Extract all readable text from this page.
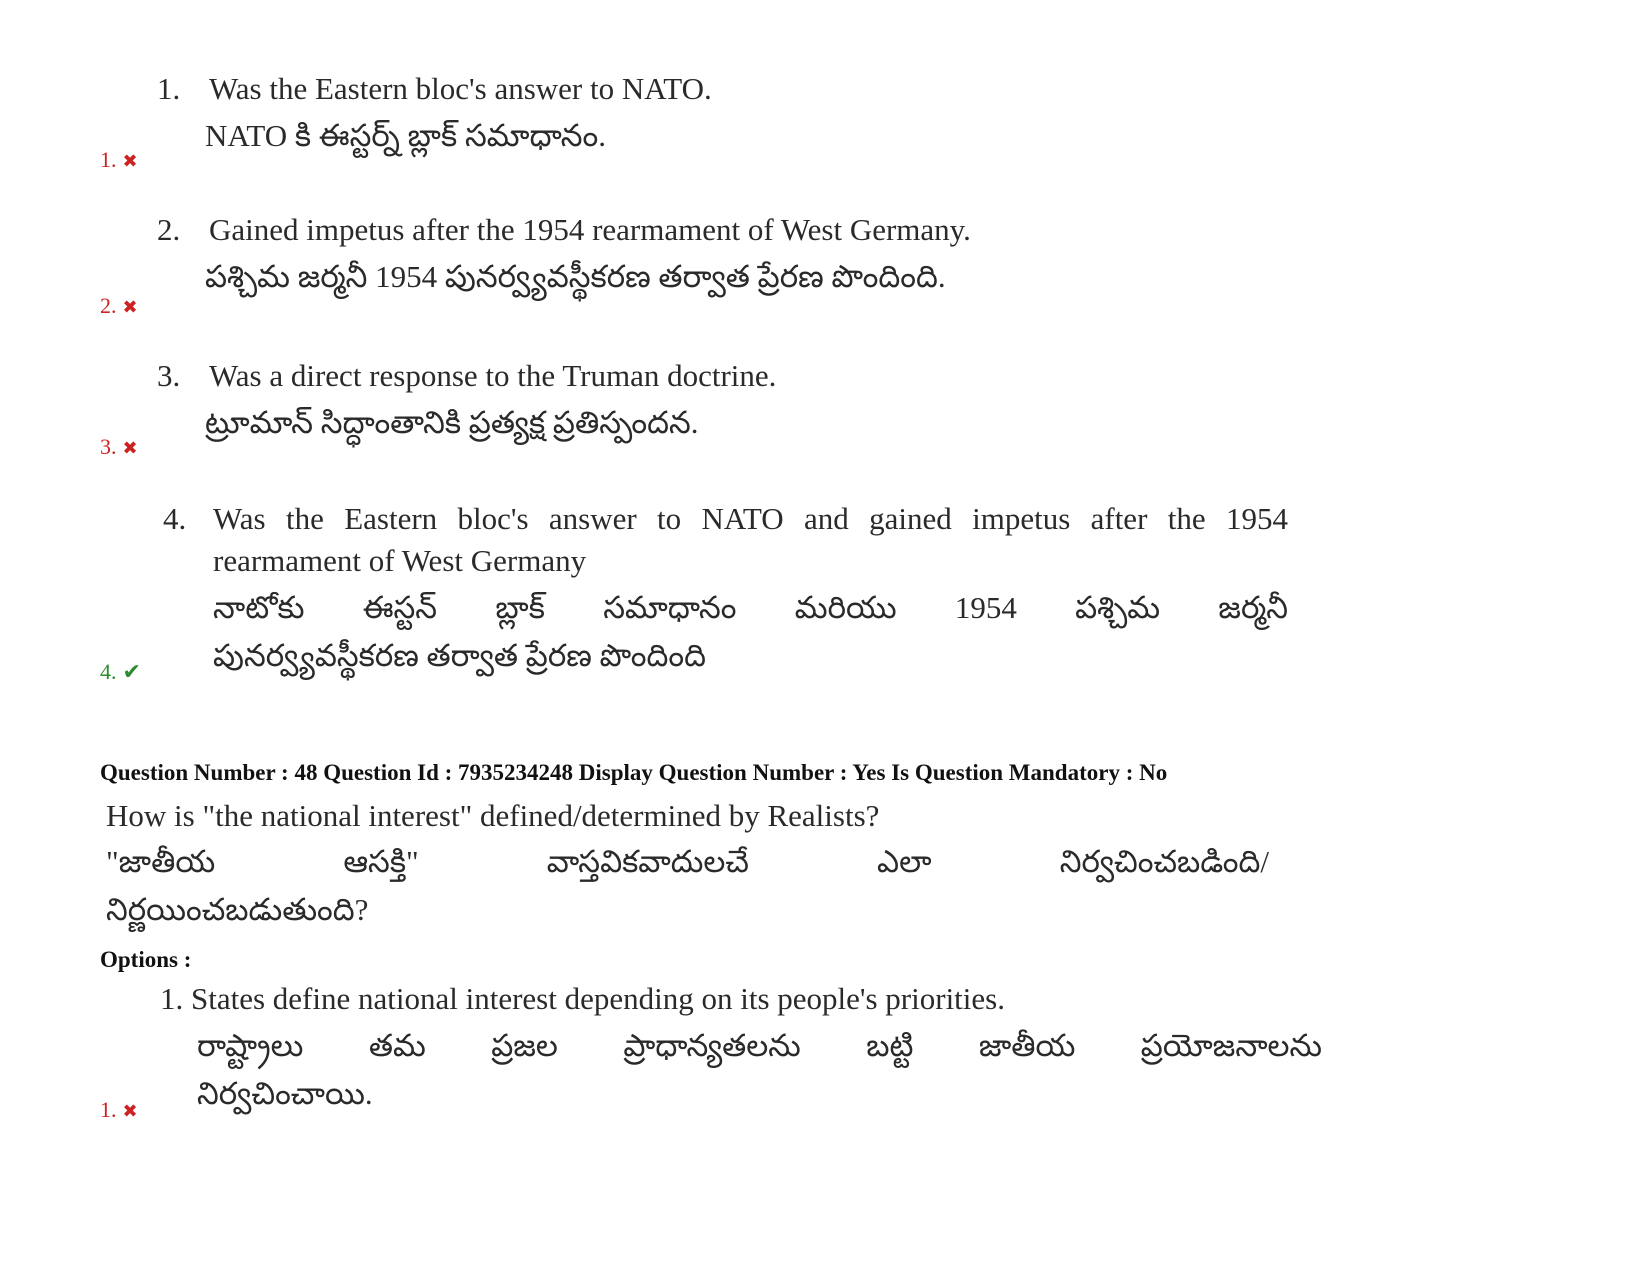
1. Was the Eastern bloc's answer to NATO.
NATO కి ఈస్టర్న్ బ్లాక్ సమాధానం.
1. ✖
2. Gained impetus after the 1954 rearmament of West Germany.
పశ్చిమ జర్మనీ 1954 పునర్వ్యవస్థీకరణ తర్వాత ప్రేరణ పొందింది.
2. ✖
3. Was a direct response to the Truman doctrine.
ట్రూమాన్ సిద్ధాంతానికి ప్రత్యక్ష ప్రతిస్పందన.
3. ✖
4. Was the Eastern bloc's answer to NATO and gained impetus after the 1954
rearmament of West Germany
నాటోకు ఈస్టన్ బ్లాక్ సమాధానం మరియు 1954 పశ్చిమ జర్మనీ
పునర్వ్యవస్థీకరణ తర్వాత ప్రేరణ పొందింది
4. ✔
Question Number : 48 Question Id : 7935234248 Display Question Number : Yes Is Question Mandatory : No
How is "the national interest" defined/determined by Realists?
"జాతీయ ఆసక్తి" వాస్తవికవాదులచే ఎలా నిర్వచించబడింది/
నిర్ణయించబడుతుంది?
Options :
1. States define national interest depending on its people's priorities.
రాష్ట్రాలు తమ ప్రజల ప్రాధాన్యతలను బట్టి జాతీయ ప్రయోజనాలను
నిర్వచించాయి.
1. ✖
